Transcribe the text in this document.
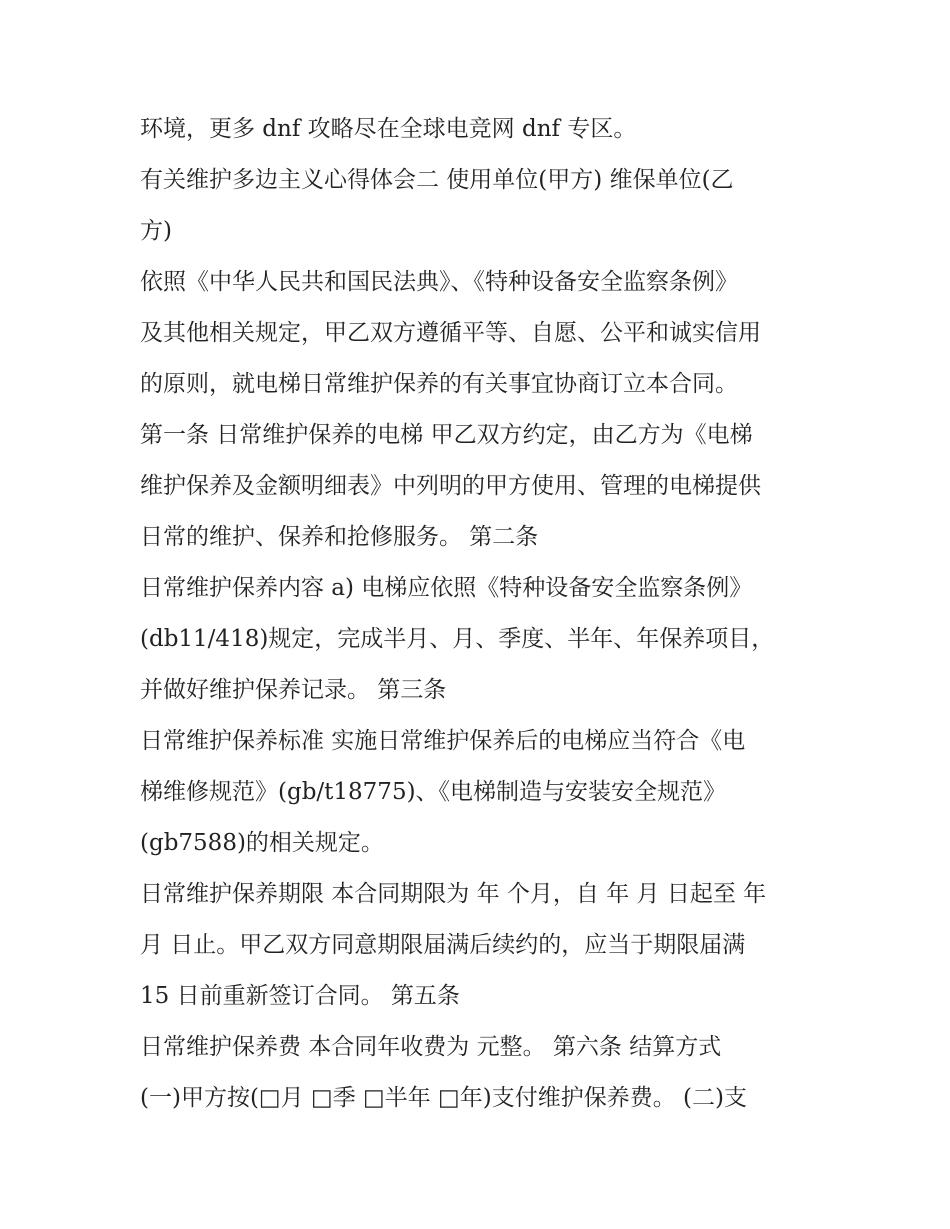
环境，更多 dnf 攻略尽在全球电竞网 dnf 专区。
有关维护多边主义心得体会二 使用单位(甲方) 维保单位(乙
方)
依照《中华人民共和国民法典》、《特种设备安全监察条例》
及其他相关规定，甲乙双方遵循平等、自愿、公平和诚实信用
的原则，就电梯日常维护保养的有关事宜协商订立本合同。
第一条 日常维护保养的电梯 甲乙双方约定，由乙方为《电梯
维护保养及金额明细表》中列明的甲方使用、管理的电梯提供
日常的维护、保养和抢修服务。 第二条
日常维护保养内容 a) 电梯应依照《特种设备安全监察条例》
(db11/418)规定，完成半月、月、季度、半年、年保养项目，
并做好维护保养记录。 第三条
日常维护保养标准 实施日常维护保养后的电梯应当符合《电
梯维修规范》(gb/t18775)、《电梯制造与安装安全规范》
(gb7588)的相关规定。
日常维护保养期限 本合同期限为 年 个月，自 年 月 日起至 年
月 日止。甲乙双方同意期限届满后续约的，应当于期限届满
15 日前重新签订合同。 第五条
日常维护保养费 本合同年收费为 元整。 第六条 结算方式
(一)甲方按(□月 □季 □半年 □年)支付维护保养费。 (二)支
